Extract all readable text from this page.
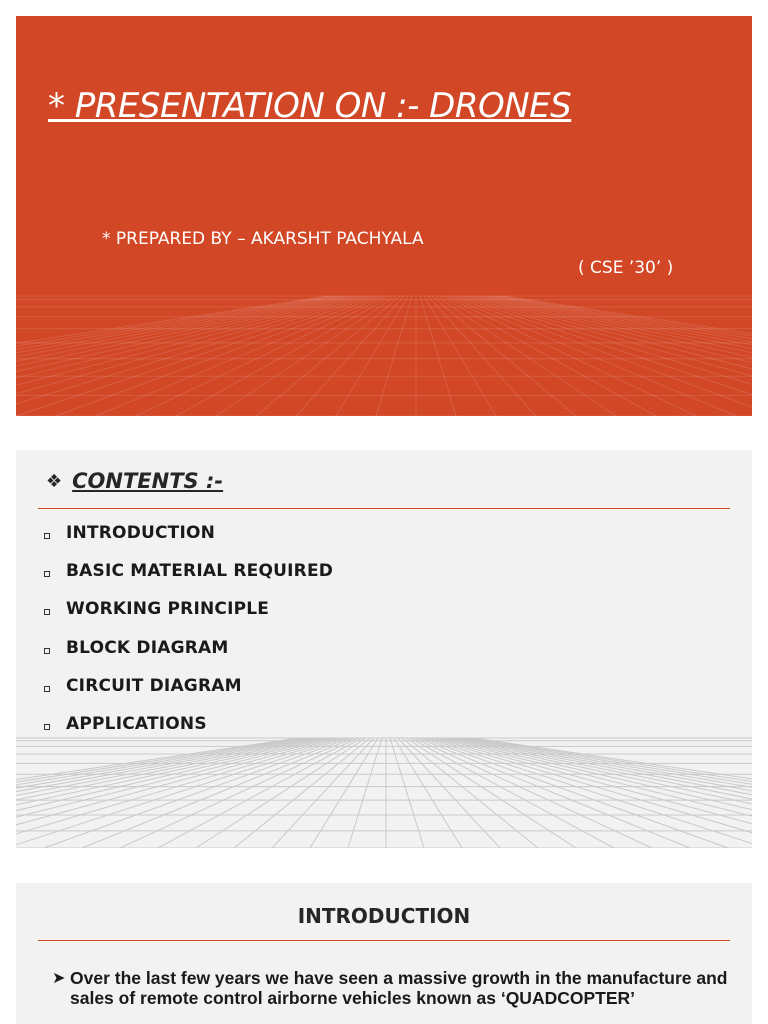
* PRESENTATION ON :- DRONES
* PREPARED BY – AKARSHT PACHYALA
( CSE ’30’ )
❖ CONTENTS :-
INTRODUCTION
BASIC MATERIAL REQUIRED
WORKING PRINCIPLE
BLOCK DIAGRAM
CIRCUIT DIAGRAM
APPLICATIONS
INTRODUCTION
➤ Over the last few years we have seen a massive growth in the manufacture and sales of remote control airborne vehicles known as ‘QUADCOPTER’
